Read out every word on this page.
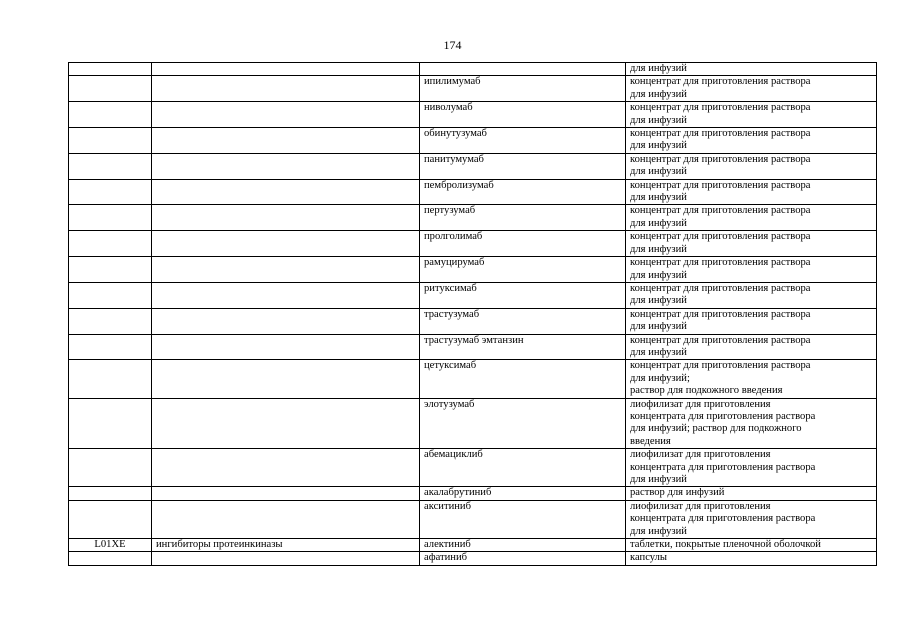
174

			для инфузий

		ипилимумаб	концентрат для приготовления раствора
для инфузий

		ниволумаб	концентрат для приготовления раствора
для инфузий

		обинутузумаб	концентрат для приготовления раствора
для инфузий

		панитумумаб	концентрат для приготовления раствора
для инфузий

		пембролизумаб	концентрат для приготовления раствора
для инфузий

		пертузумаб	концентрат для приготовления раствора
для инфузий

		пролголимаб	концентрат для приготовления раствора
для инфузий

		рамуцирумаб	концентрат для приготовления раствора
для инфузий

		ритуксимаб	концентрат для приготовления раствора
для инфузий

		трастузумаб	концентрат для приготовления раствора
для инфузий

		трастузумаб эмтанзин	концентрат для приготовления раствора
для инфузий

		цетуксимаб	концентрат для приготовления раствора
для инфузий;
раствор для подкожного введения

		элотузумаб	лиофилизат для приготовления
концентрата для приготовления раствора
для инфузий; раствор для подкожного
введения

		абемациклиб	лиофилизат для приготовления
концентрата для приготовления раствора
для инфузий

		акалабрутиниб	раствор для инфузий

		акситиниб	лиофилизат для приготовления
концентрата для приготовления раствора
для инфузий

L01XE	ингибиторы протеинкиназы	алектиниб	таблетки, покрытые пленочной оболочкой

		афатиниб	капсулы
